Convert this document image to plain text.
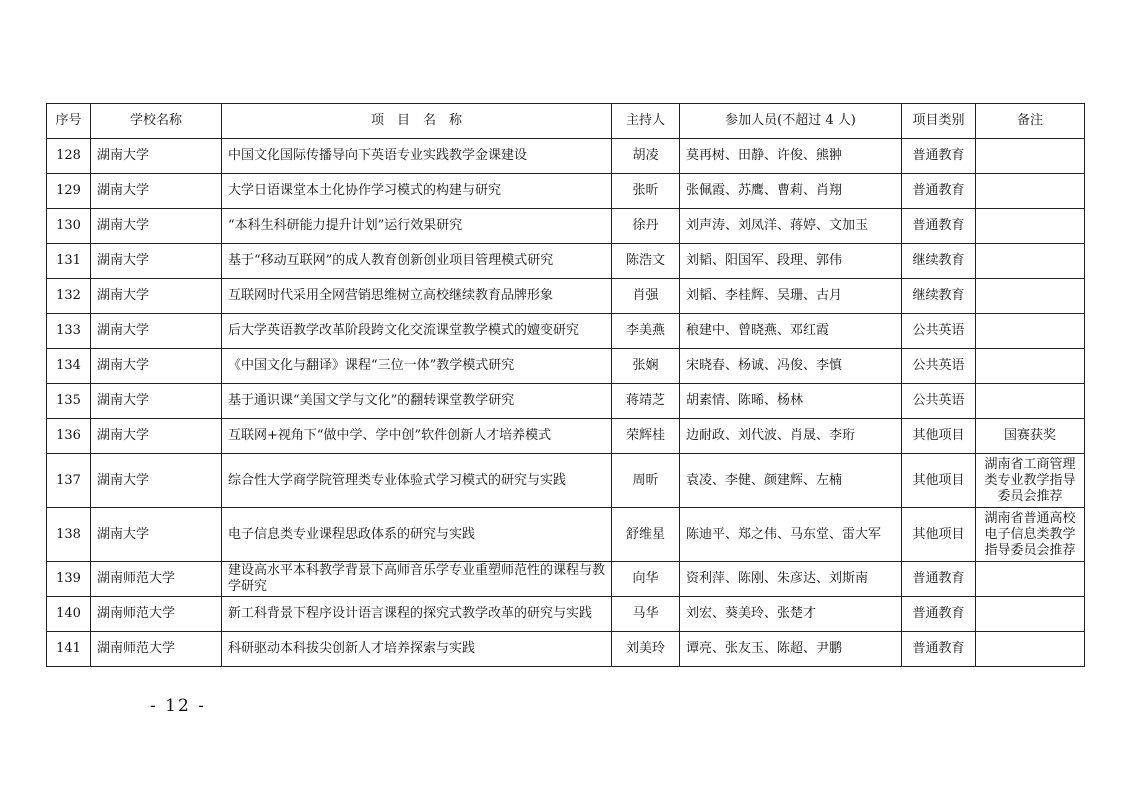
序号	学校名称	项　目　名　称	主持人	参加人员(不超过 4 人)	项目类别	备注
128	湖南大学	中国文化国际传播导向下英语专业实践教学金课建设	胡凌	莫再树、田静、许俊、熊翀	普通教育	
129	湖南大学	大学日语课堂本土化协作学习模式的构建与研究	张昕	张佩霞、苏鹰、曹莉、肖翔	普通教育	
130	湖南大学	“本科生科研能力提升计划”运行效果研究	徐丹	刘声涛、刘凤洋、蒋婷、文加玉	普通教育	
131	湖南大学	基于“移动互联网”的成人教育创新创业项目管理模式研究	陈浩文	刘韬、阳国军、段理、郭伟	继续教育	
132	湖南大学	互联网时代采用全网营销思维树立高校继续教育品牌形象	肖强	刘韬、李桂辉、吴珊、古月	继续教育	
133	湖南大学	后大学英语教学改革阶段跨文化交流课堂教学模式的嬗变研究	李美燕	稂建中、曾晓燕、邓红霞	公共英语	
134	湖南大学	《中国文化与翻译》课程“三位一体”教学模式研究	张娴	宋晓春、杨诚、冯俊、李慎	公共英语	
135	湖南大学	基于通识课“美国文学与文化”的翻转课堂教学研究	蒋靖芝	胡素情、陈晞、杨林	公共英语	
136	湖南大学	互联网+视角下“做中学、学中创”软件创新人才培养模式	荣辉桂	边耐政、刘代波、肖晟、李珩	其他项目	国赛获奖
137	湖南大学	综合性大学商学院管理类专业体验式学习模式的研究与实践	周昕	袁凌、李健、颜建辉、左楠	其他项目	湖南省工商管理类专业教学指导委员会推荐
138	湖南大学	电子信息类专业课程思政体系的研究与实践	舒维星	陈迪平、郑之伟、马东堂、雷大军	其他项目	湖南省普通高校电子信息类教学指导委员会推荐
139	湖南师范大学	建设高水平本科教学背景下高师音乐学专业重塑师范性的课程与教学研究	向华	资利萍、陈刚、朱彦达、刘斯南	普通教育	
140	湖南师范大学	新工科背景下程序设计语言课程的探究式教学改革的研究与实践	马华	刘宏、葵美玲、张楚才	普通教育	
141	湖南师范大学	科研驱动本科拔尖创新人才培养探索与实践	刘美玲	谭亮、张友玉、陈超、尹鹏	普通教育	
- 12 -
